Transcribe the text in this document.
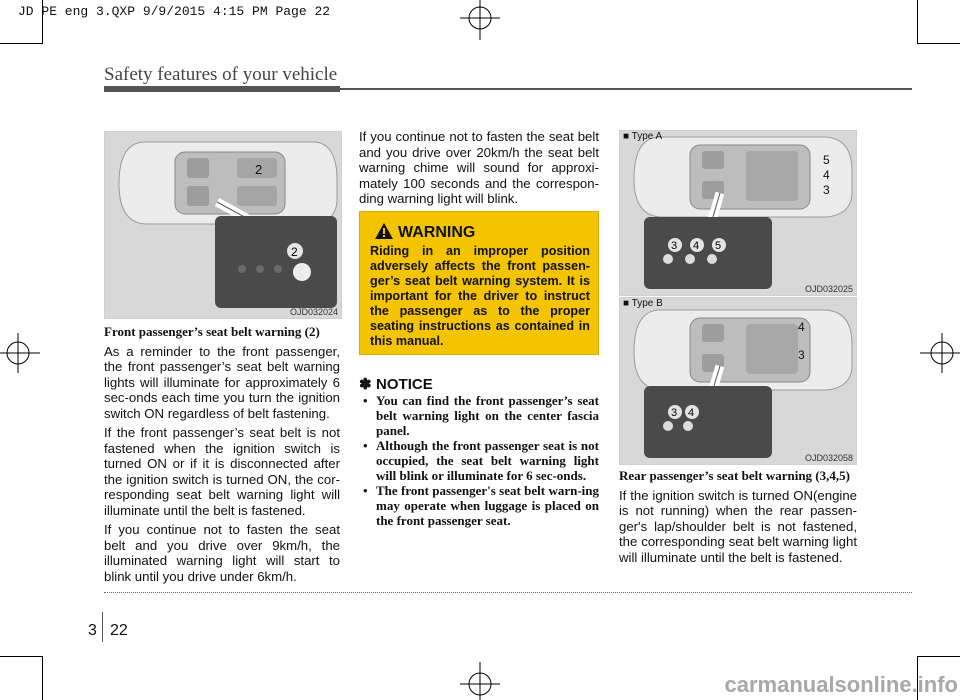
JD PE eng 3.QXP 9/9/2015 4:15 PM Page 22
Safety features of your vehicle
2
2
OJD032024

Front passenger’s seat belt warning (2)

As a reminder to the front passenger, the front passenger’s seat belt warning lights will illuminate for approximately 6 sec-onds each time you turn the ignition switch ON regardless of belt fastening.

If the front passenger’s seat belt is not fastened when the ignition switch is turned ON or if it is disconnected after the ignition switch is turned ON, the cor-responding seat belt warning light will illuminate until the belt is fastened.

If you continue not to fasten the seat belt and you drive over 9km/h, the illuminated warning light will start to blink until you drive under 6km/h.

If you continue not to fasten the seat belt and you drive over 20km/h the seat belt warning chime will sound for approxi-mately 100 seconds and the correspon-ding warning light will blink.
WARNING
Riding in an improper position adversely affects the front passen-ger’s seat belt warning system. It is important for the driver to instruct the passenger as to the proper seating instructions as contained in this manual.
✽ NOTICE
• You can find the front passenger’s seat belt warning light on the center fascia panel.
• Although the front passenger seat is not occupied, the seat belt warning light will blink or illuminate for 6 sec-onds.
• The front passenger's seat belt warn-ing may operate when luggage is placed on the front passenger seat.
5
4
3
3 4 5
■ Type A
OJD032025
4
3
3 4
■ Type B
OJD032058

Rear passenger’s seat belt warning (3,4,5)

If the ignition switch is turned ON(engine is not running) when the rear passen-ger's lap/shoulder belt is not fastened, the corresponding seat belt warning light will illuminate until the belt is fastened.

3 22
carmanualsonline.info
